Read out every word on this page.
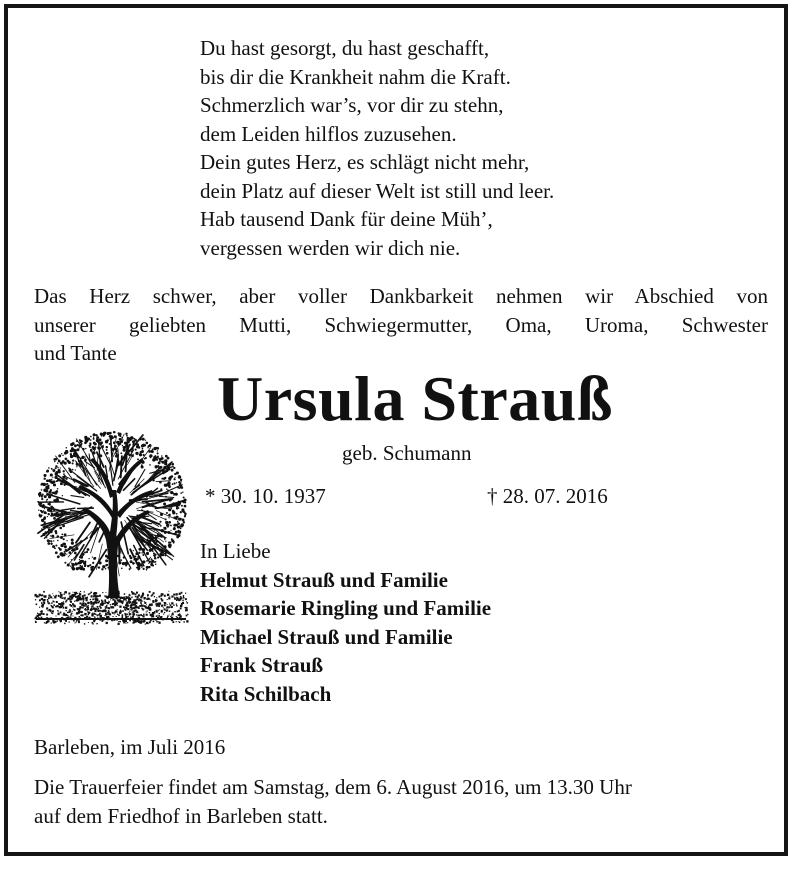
Du hast gesorgt, du hast geschafft,
bis dir die Krankheit nahm die Kraft.
Schmerzlich war’s, vor dir zu stehn,
dem Leiden hilflos zuzusehen.
Dein gutes Herz, es schlägt nicht mehr,
dein Platz auf dieser Welt ist still und leer.
Hab tausend Dank für deine Müh’,
vergessen werden wir dich nie.
Das Herz schwer, aber voller Dankbarkeit nehmen wir Abschied von
unserer geliebten Mutti, Schwiegermutter, Oma, Uroma, Schwester
und Tante
Ursula Strauß
geb. Schumann
* 30. 10. 1937	† 28. 07. 2016
In Liebe
Helmut Strauß und Familie
Rosemarie Ringling und Familie
Michael Strauß und Familie
Frank Strauß
Rita Schilbach
Barleben, im Juli 2016
Die Trauerfeier findet am Samstag, dem 6. August 2016, um 13.30 Uhr
auf dem Friedhof in Barleben statt.
